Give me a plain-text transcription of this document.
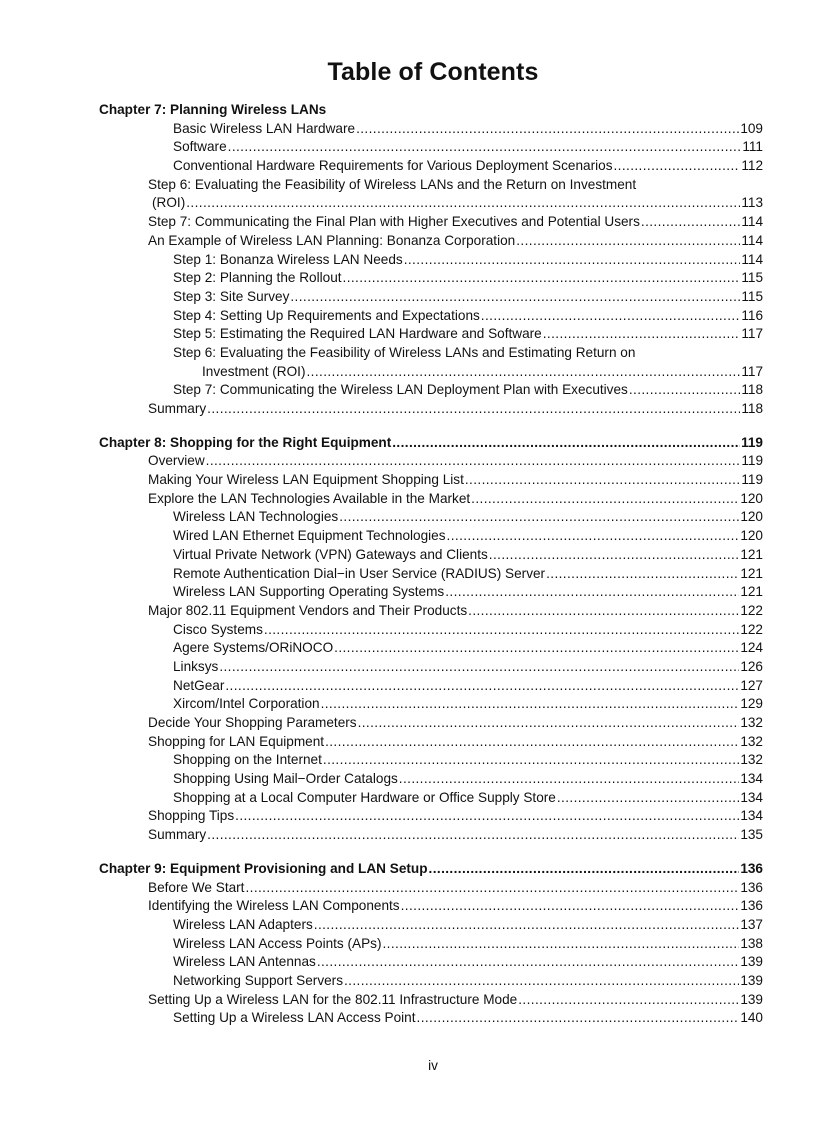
Table of Contents
Chapter 7: Planning Wireless LANs
Basic Wireless LAN Hardware .....	109
Software .....	111
Conventional Hardware Requirements for Various Deployment Scenarios .....	112
Step 6: Evaluating the Feasibility of Wireless LANs and the Return on Investment
(ROI) .....	113
Step 7: Communicating the Final Plan with Higher Executives and Potential Users .....	114
An Example of Wireless LAN Planning: Bonanza Corporation .....	114
Step 1: Bonanza Wireless LAN Needs .....	114
Step 2: Planning the Rollout .....	115
Step 3: Site Survey .....	115
Step 4: Setting Up Requirements and Expectations .....	116
Step 5: Estimating the Required LAN Hardware and Software .....	117
Step 6: Evaluating the Feasibility of Wireless LANs and Estimating Return on
Investment (ROI) .....	117
Step 7: Communicating the Wireless LAN Deployment Plan with Executives .....	118
Summary .....	118
Chapter 8: Shopping for the Right Equipment .....	119
Overview .....	119
Making Your Wireless LAN Equipment Shopping List .....	119
Explore the LAN Technologies Available in the Market .....	120
Wireless LAN Technologies .....	120
Wired LAN Ethernet Equipment Technologies .....	120
Virtual Private Network (VPN) Gateways and Clients .....	121
Remote Authentication Dial−in User Service (RADIUS) Server .....	121
Wireless LAN Supporting Operating Systems .....	121
Major 802.11 Equipment Vendors and Their Products .....	122
Cisco Systems .....	122
Agere Systems/ORiNOCO .....	124
Linksys .....	126
NetGear .....	127
Xircom/Intel Corporation .....	129
Decide Your Shopping Parameters .....	132
Shopping for LAN Equipment .....	132
Shopping on the Internet .....	132
Shopping Using Mail−Order Catalogs .....	134
Shopping at a Local Computer Hardware or Office Supply Store .....	134
Shopping Tips .....	134
Summary .....	135
Chapter 9: Equipment Provisioning and LAN Setup .....	136
Before We Start .....	136
Identifying the Wireless LAN Components .....	136
Wireless LAN Adapters .....	137
Wireless LAN Access Points (APs) .....	138
Wireless LAN Antennas .....	139
Networking Support Servers .....	139
Setting Up a Wireless LAN for the 802.11 Infrastructure Mode .....	139
Setting Up a Wireless LAN Access Point .....	140
iv
